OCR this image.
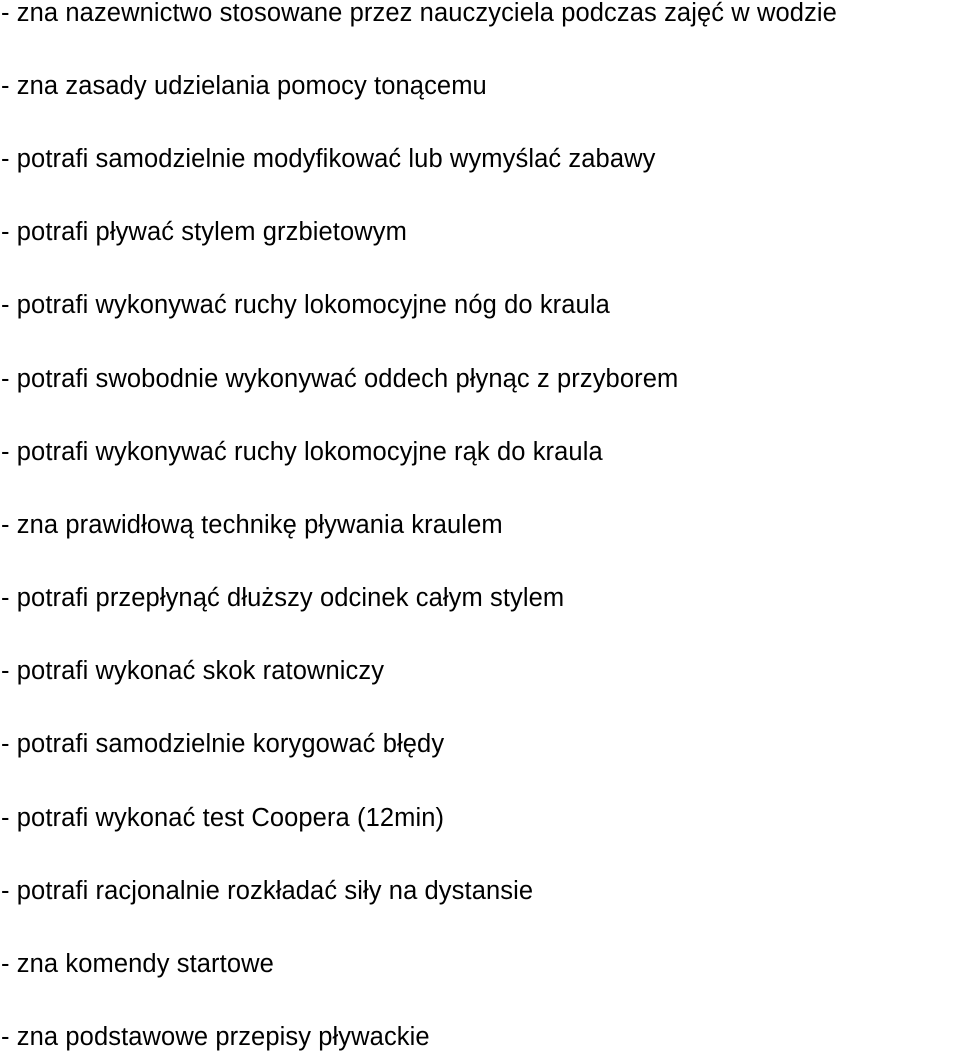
- zna nazewnictwo stosowane przez nauczyciela podczas zajęć w wodzie
- zna zasady udzielania pomocy tonącemu
- potrafi samodzielnie modyfikować lub wymyślać zabawy
- potrafi pływać stylem grzbietowym
- potrafi wykonywać ruchy lokomocyjne nóg do kraula
- potrafi swobodnie wykonywać oddech płynąc z przyborem
- potrafi wykonywać ruchy lokomocyjne rąk do kraula
- zna prawidłową technikę pływania kraulem
- potrafi przepłynąć dłuższy odcinek całym stylem
- potrafi wykonać skok ratowniczy
- potrafi samodzielnie korygować błędy
- potrafi wykonać test Coopera (12min)
- potrafi racjonalnie rozkładać siły na dystansie
- zna komendy startowe
- zna podstawowe przepisy pływackie
